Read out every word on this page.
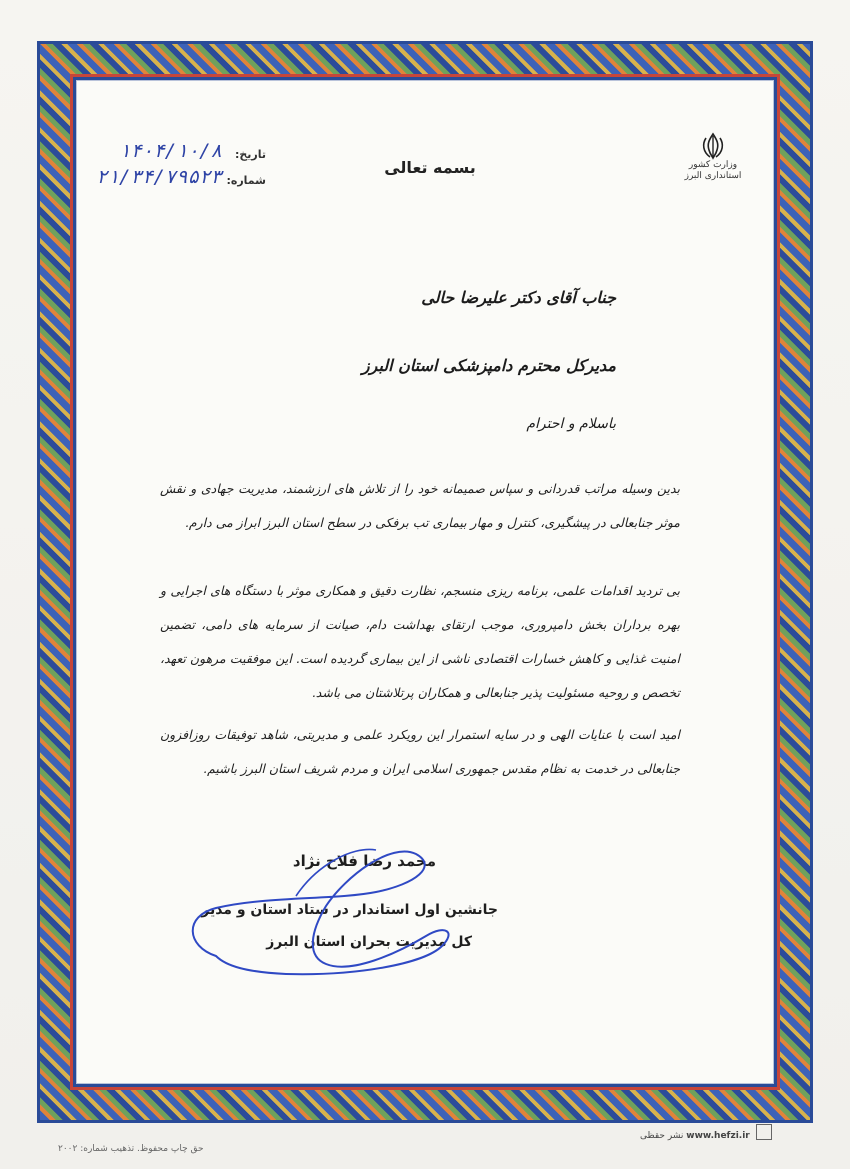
وزارت کشور
استانداری البرز
بسمه تعالی
تاریخ:
۱۴۰۴/۱۰/۸
شماره:
۲۱/۳۴/۷۹۵۲۳
جناب آقای دکتر علیرضا حالی
مدیرکل محترم دامپزشکی استان البرز
باسلام و احترام
بدین وسیله مراتب قدردانی و سپاس صمیمانه خود را از تلاش های ارزشمند، مدیریت جهادی و نقش موثر جنابعالی در پیشگیری، کنترل و مهار بیماری تب برفکی در سطح استان البرز ابراز می دارم.
بی تردید اقدامات علمی، برنامه ریزی منسجم، نظارت دقیق و همکاری موثر با دستگاه های اجرایی و بهره برداران بخش دامپروری، موجب ارتقای بهداشت دام، صیانت از سرمایه های دامی، تضمین امنیت غذایی و کاهش خسارات اقتصادی ناشی از این بیماری گردیده است. این موفقیت مرهون تعهد، تخصص و روحیه مسئولیت پذیر جنابعالی و همکاران پرتلاشتان می باشد.
امید است با عنایات الهی و در سایه استمرار این رویکرد علمی و مدیریتی، شاهد توفیقات روزافزون جنابعالی در خدمت به نظام مقدس جمهوری اسلامی ایران و مردم شریف استان البرز باشیم.
محمد رضا فلاح نژاد
جانشین اول استاندار در ستاد استان و مدیر
کل مدیریت بحران استان البرز
حق چاپ محفوظ. تذهیب شماره: ۲۰۰۲
www.hefzi.ir نشر حقظی
